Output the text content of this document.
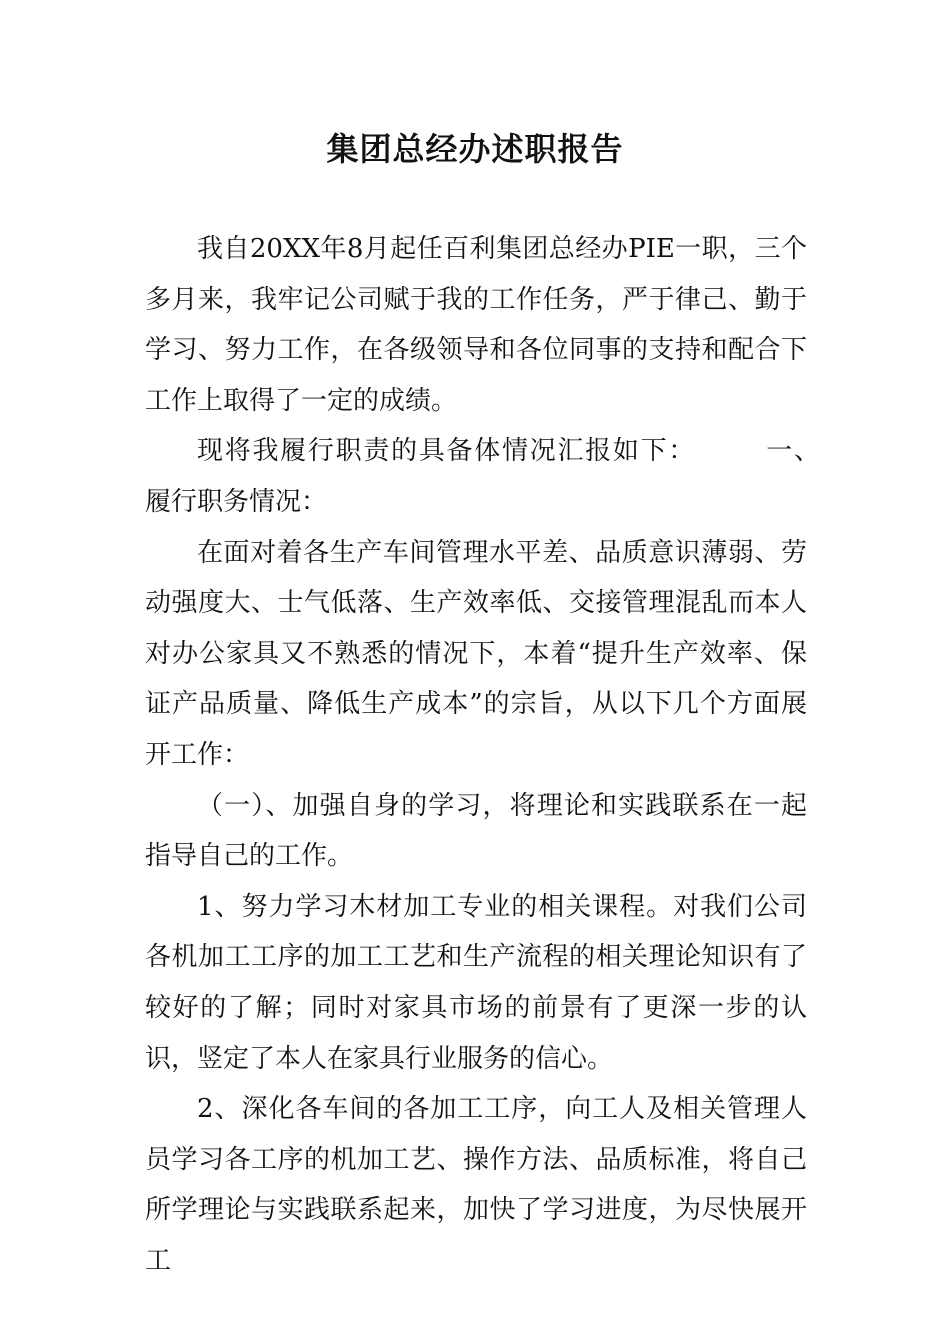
集团总经办述职报告

我自20XX年8月起任百利集团总经办PIE一职，三个多月来，我牢记公司赋于我的工作任务，严于律己、勤于学习、努力工作，在各级领导和各位同事的支持和配合下工作上取得了一定的成绩。

现将我履行职责的具备体情况汇报如下：　　　一、　履行职务情况：

在面对着各生产车间管理水平差、品质意识薄弱、劳动强度大、士气低落、生产效率低、交接管理混乱而本人对办公家具又不熟悉的情况下，本着“提升生产效率、保证产品质量、降低生产成本”的宗旨，从以下几个方面展开工作：

（一）、加强自身的学习，将理论和实践联系在一起指导自己的工作。

1、努力学习木材加工专业的相关课程。对我们公司各机加工工序的加工工艺和生产流程的相关理论知识有了较好的了解；同时对家具市场的前景有了更深一步的认识，竖定了本人在家具行业服务的信心。

2、深化各车间的各加工工序，向工人及相关管理人员学习各工序的机加工艺、操作方法、品质标准，将自己所学理论与实践联系起来，加快了学习进度，为尽快展开工
